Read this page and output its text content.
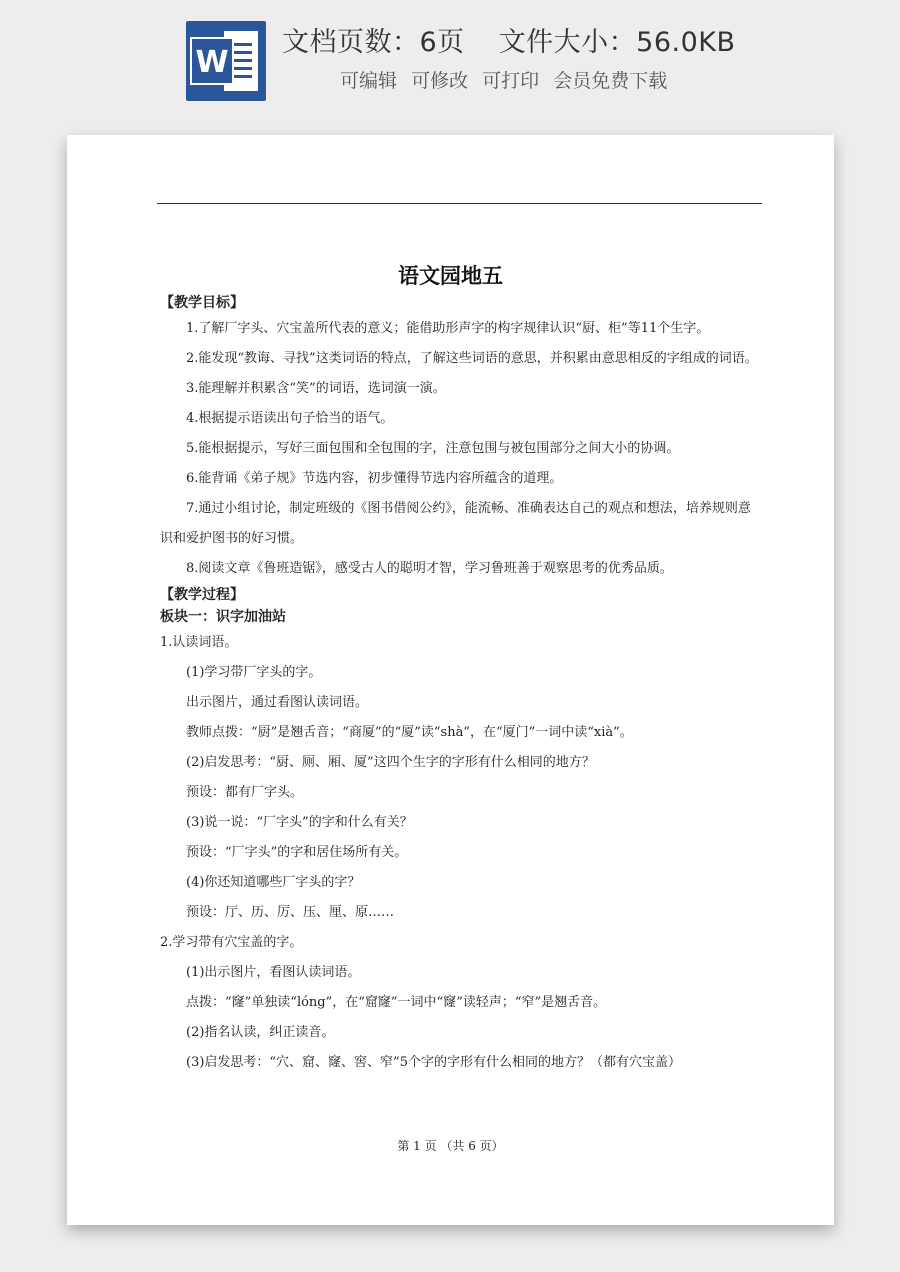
W
文档页数：6页 文件大小：56.0KB
可编辑 可修改 可打印 会员免费下载
语文园地五

【教学目标】

1.了解厂字头、穴宝盖所代表的意义；能借助形声字的构字规律认识“厨、柜”等11个生字。

2.能发现“教诲、寻找”这类词语的特点，了解这些词语的意思，并积累由意思相反的字组成的词语。

3.能理解并积累含“笑”的词语，选词演一演。

4.根据提示语读出句子恰当的语气。

5.能根据提示，写好三面包围和全包围的字，注意包围与被包围部分之间大小的协调。

6.能背诵《弟子规》节选内容，初步懂得节选内容所蕴含的道理。

7.通过小组讨论，制定班级的《图书借阅公约》，能流畅、准确表达自己的观点和想法，培养规则意识和爱护图书的好习惯。

8.阅读文章《鲁班造锯》，感受古人的聪明才智，学习鲁班善于观察思考的优秀品质。

【教学过程】

板块一：识字加油站

1.认读词语。

(1)学习带厂字头的字。

出示图片，通过看图认读词语。

教师点拨：“厨”是翘舌音；“商厦”的“厦”读“shà”，在“厦门”一词中读“xià”。

(2)启发思考：“厨、厕、厢、厦”这四个生字的字形有什么相同的地方？

预设：都有厂字头。

(3)说一说：“厂字头”的字和什么有关？

预设：“厂字头”的字和居住场所有关。

(4)你还知道哪些厂字头的字？

预设：厅、历、厉、压、厘、原……

2.学习带有穴宝盖的字。

(1)出示图片，看图认读词语。

点拨：“窿”单独读“lóng”，在“窟窿”一词中“窿”读轻声；“窄”是翘舌音。

(2)指名认读，纠正读音。

(3)启发思考：“穴、窟、窿、窖、窄”5个字的字形有什么相同的地方？（都有穴宝盖）

第 1 页 （共 6 页）
